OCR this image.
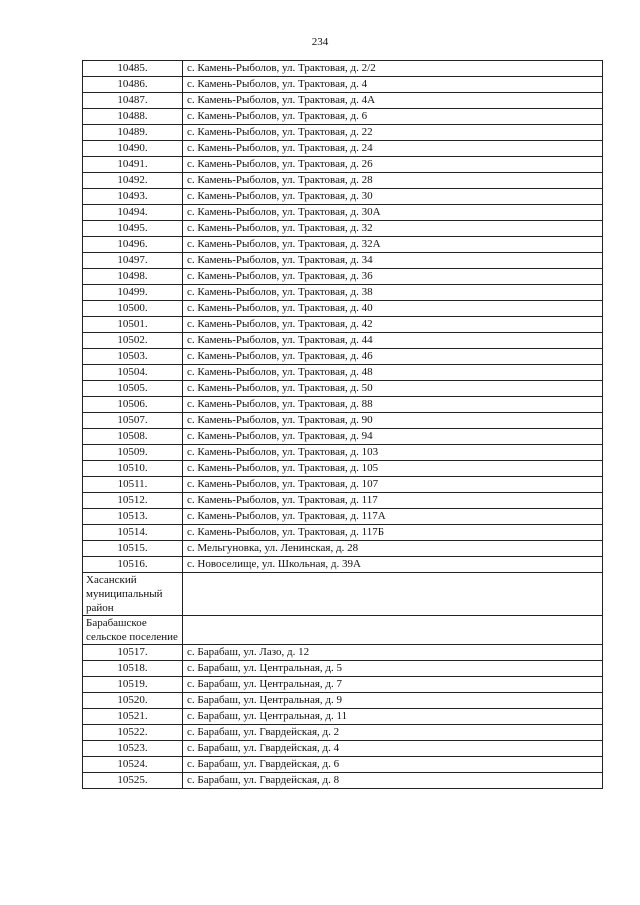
234
10485.	с. Камень-Рыболов, ул. Трактовая, д. 2/2
10486.	с. Камень-Рыболов, ул. Трактовая, д. 4
10487.	с. Камень-Рыболов, ул. Трактовая, д. 4А
10488.	с. Камень-Рыболов, ул. Трактовая, д. 6
10489.	с. Камень-Рыболов, ул. Трактовая, д. 22
10490.	с. Камень-Рыболов, ул. Трактовая, д. 24
10491.	с. Камень-Рыболов, ул. Трактовая, д. 26
10492.	с. Камень-Рыболов, ул. Трактовая, д. 28
10493.	с. Камень-Рыболов, ул. Трактовая, д. 30
10494.	с. Камень-Рыболов, ул. Трактовая, д. 30А
10495.	с. Камень-Рыболов, ул. Трактовая, д. 32
10496.	с. Камень-Рыболов, ул. Трактовая, д. 32А
10497.	с. Камень-Рыболов, ул. Трактовая, д. 34
10498.	с. Камень-Рыболов, ул. Трактовая, д. 36
10499.	с. Камень-Рыболов, ул. Трактовая, д. 38
10500.	с. Камень-Рыболов, ул. Трактовая, д. 40
10501.	с. Камень-Рыболов, ул. Трактовая, д. 42
10502.	с. Камень-Рыболов, ул. Трактовая, д. 44
10503.	с. Камень-Рыболов, ул. Трактовая, д. 46
10504.	с. Камень-Рыболов, ул. Трактовая, д. 48
10505.	с. Камень-Рыболов, ул. Трактовая, д. 50
10506.	с. Камень-Рыболов, ул. Трактовая, д. 88
10507.	с. Камень-Рыболов, ул. Трактовая, д. 90
10508.	с. Камень-Рыболов, ул. Трактовая, д. 94
10509.	с. Камень-Рыболов, ул. Трактовая, д. 103
10510.	с. Камень-Рыболов, ул. Трактовая, д. 105
10511.	с. Камень-Рыболов, ул. Трактовая, д. 107
10512.	с. Камень-Рыболов, ул. Трактовая, д. 117
10513.	с. Камень-Рыболов, ул. Трактовая, д. 117А
10514.	с. Камень-Рыболов, ул. Трактовая, д. 117Б
10515.	с. Мельгуновка, ул. Ленинская, д. 28
10516.	с. Новоселище, ул. Школьная, д. 39А
Хасанский муниципальный район	
Барабашское сельское поселение	
10517.	с. Барабаш, ул. Лазо, д. 12
10518.	с. Барабаш, ул. Центральная, д. 5
10519.	с. Барабаш, ул. Центральная, д. 7
10520.	с. Барабаш, ул. Центральная, д. 9
10521.	с. Барабаш, ул. Центральная, д. 11
10522.	с. Барабаш, ул. Гвардейская, д. 2
10523.	с. Барабаш, ул. Гвардейская, д. 4
10524.	с. Барабаш, ул. Гвардейская, д. 6
10525.	с. Барабаш, ул. Гвардейская, д. 8
